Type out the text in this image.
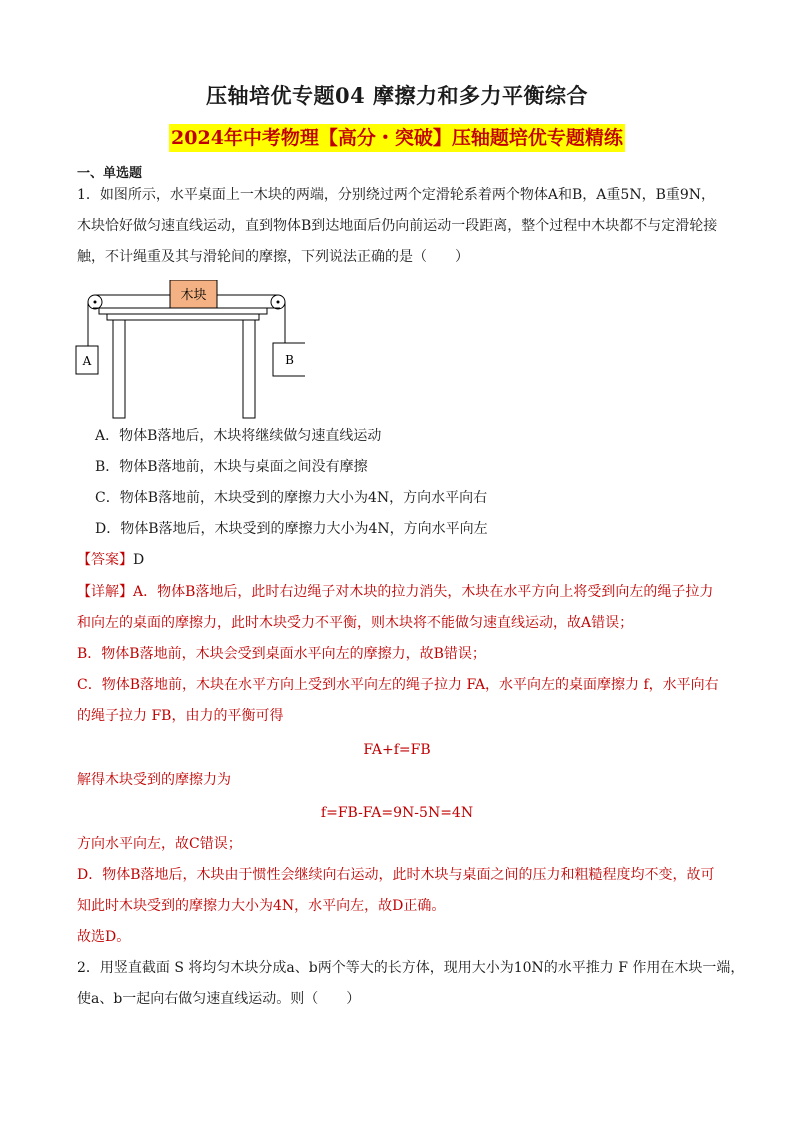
压轴培优专题04 摩擦力和多力平衡综合
2024年中考物理【高分・突破】压轴题培优专题精练
一、单选题
1．如图所示，水平桌面上一木块的两端，分别绕过两个定滑轮系着两个物体A和B，A重5N，B重9N，
木块恰好做匀速直线运动，直到物体B到达地面后仍向前运动一段距离，整个过程中木块都不与定滑轮接
触，不计绳重及其与滑轮间的摩擦，下列说法正确的是（　　）
木块
A	B
A．物体B落地后，木块将继续做匀速直线运动
B．物体B落地前，木块与桌面之间没有摩擦
C．物体B落地前，木块受到的摩擦力大小为4N，方向水平向右
D．物体B落地后，木块受到的摩擦力大小为4N，方向水平向左
【答案】D
【详解】A．物体B落地后，此时右边绳子对木块的拉力消失，木块在水平方向上将受到向左的绳子拉力
和向左的桌面的摩擦力，此时木块受力不平衡，则木块将不能做匀速直线运动，故A错误；
B．物体B落地前，木块会受到桌面水平向左的摩擦力，故B错误；
C．物体B落地前，木块在水平方向上受到水平向左的绳子拉力 FA，水平向左的桌面摩擦力 f，水平向右
的绳子拉力 FB，由力的平衡可得
FA+f=FB
解得木块受到的摩擦力为
f=FB-FA=9N-5N=4N
方向水平向左，故C错误；
D．物体B落地后，木块由于惯性会继续向右运动，此时木块与桌面之间的压力和粗糙程度均不变，故可
知此时木块受到的摩擦力大小为4N，水平向左，故D正确。
故选D。
2．用竖直截面 S 将均匀木块分成a、b两个等大的长方体，现用大小为10N的水平推力 F 作用在木块一端，
使a、b一起向右做匀速直线运动。则（　　）
